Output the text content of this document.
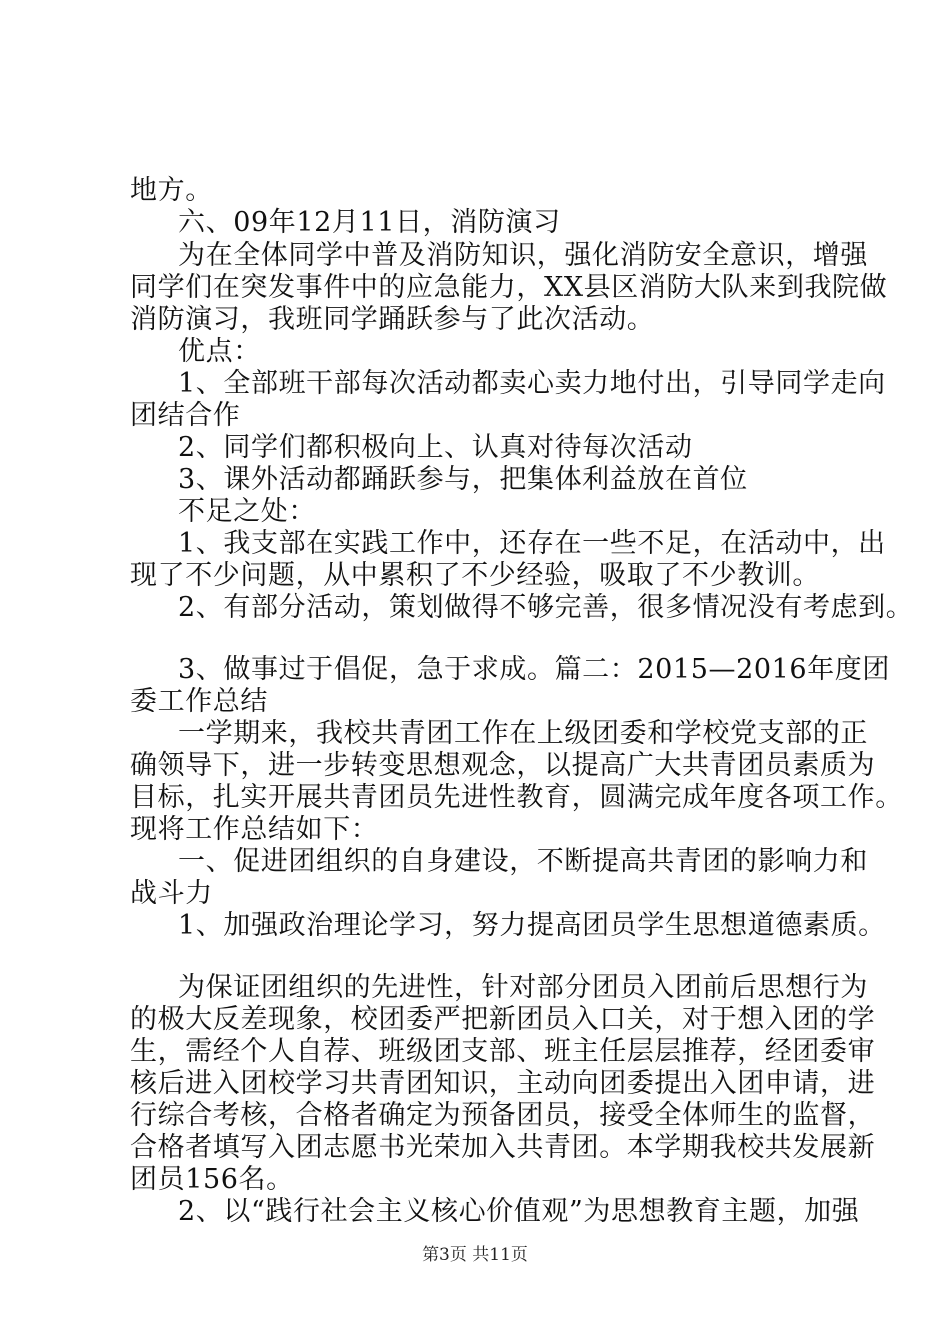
地方。

六、09年12月11日，消防演习

为在全体同学中普及消防知识，强化消防安全意识，增强

同学们在突发事件中的应急能力，XX县区消防大队来到我院做

消防演习，我班同学踊跃参与了此次活动。

优点：

1、全部班干部每次活动都卖心卖力地付出，引导同学走向

团结合作

2、同学们都积极向上、认真对待每次活动

3、课外活动都踊跃参与，把集体利益放在首位

不足之处：

1、我支部在实践工作中，还存在一些不足，在活动中，出

现了不少问题，从中累积了不少经验，吸取了不少教训。

2、有部分活动，策划做得不够完善，很多情况没有考虑到。

3、做事过于倡促，急于求成。篇二：2015—2016年度团

委工作总结

一学期来，我校共青团工作在上级团委和学校党支部的正

确领导下，进一步转变思想观念，以提高广大共青团员素质为

目标，扎实开展共青团员先进性教育，圆满完成年度各项工作。

现将工作总结如下：

一、促进团组织的自身建设，不断提高共青团的影响力和

战斗力

1、加强政治理论学习，努力提高团员学生思想道德素质。

为保证团组织的先进性，针对部分团员入团前后思想行为

的极大反差现象，校团委严把新团员入口关，对于想入团的学

生，需经个人自荐、班级团支部、班主任层层推荐，经团委审

核后进入团校学习共青团知识，主动向团委提出入团申请，进

行综合考核，合格者确定为预备团员，接受全体师生的监督，

合格者填写入团志愿书光荣加入共青团。本学期我校共发展新

团员156名。

2、以“践行社会主义核心价值观”为思想教育主题，加强

第3页 共11页
